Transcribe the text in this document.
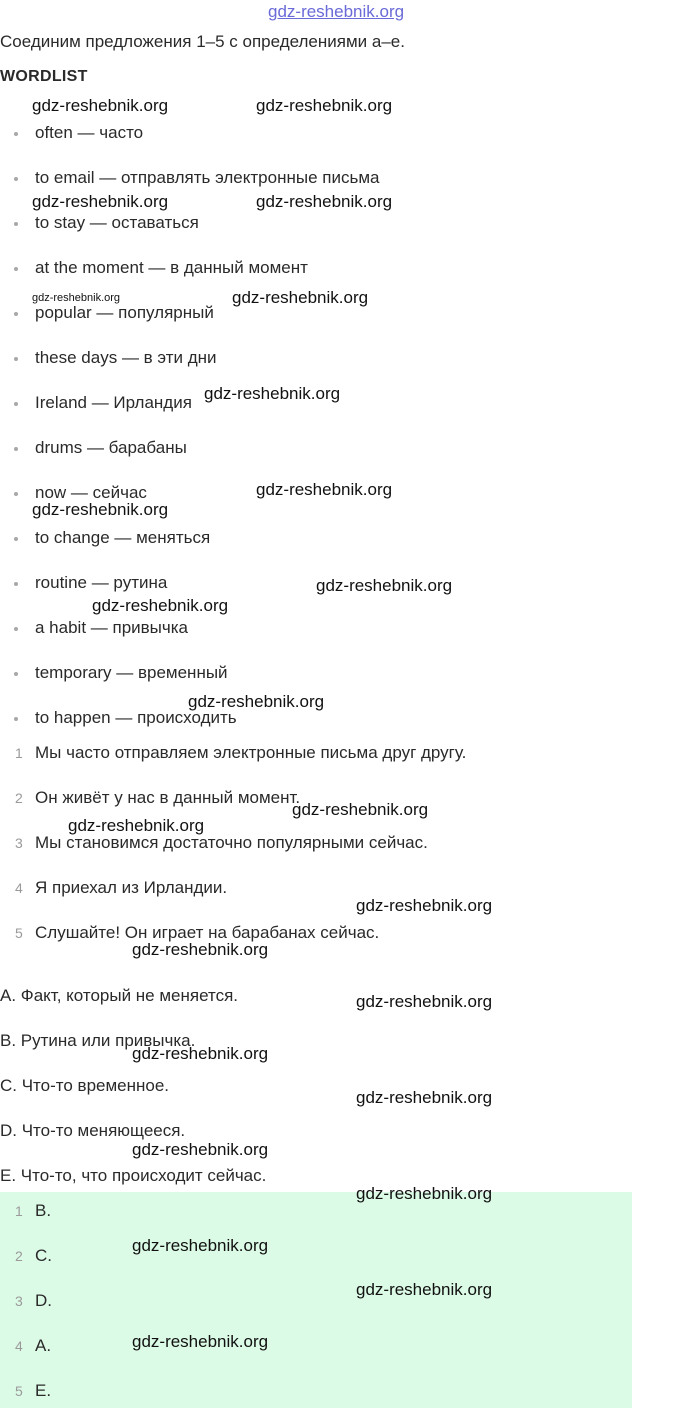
gdz-reshebnik.org
Соединим предложения 1–5 с определениями a–e.
WORDLIST
often — часто
to email — отправлять электронные письма
to stay — оставаться
at the moment — в данный момент
popular — популярный
these days — в эти дни
Ireland — Ирландия
drums — барабаны
now — сейчас
to change — меняться
routine — рутина
a habit — привычка
temporary — временный
to happen — происходить
1 Мы часто отправляем электронные письма друг другу.
2 Он живёт у нас в данный момент.
3 Мы становимся достаточно популярными сейчас.
4 Я приехал из Ирландии.
5 Слушайте! Он играет на барабанах сейчас.
A. Факт, который не меняется.
B. Рутина или привычка.
C. Что-то временное.
D. Что-то меняющееся.
E. Что-то, что происходит сейчас.
1 B.
2 C.
3 D.
4 A.
5 E.
gdz-reshebnik.org	gdz-reshebnik.org
gdz-reshebnik.org	gdz-reshebnik.org
gdz-reshebnik.org	gdz-reshebnik.org
gdz-reshebnik.org
gdz-reshebnik.org
gdz-reshebnik.org
gdz-reshebnik.org
gdz-reshebnik.org
gdz-reshebnik.org
gdz-reshebnik.org
gdz-reshebnik.org
gdz-reshebnik.org
gdz-reshebnik.org
gdz-reshebnik.org
gdz-reshebnik.org
gdz-reshebnik.org
gdz-reshebnik.org
gdz-reshebnik.org
gdz-reshebnik.org
gdz-reshebnik.org
gdz-reshebnik.org
